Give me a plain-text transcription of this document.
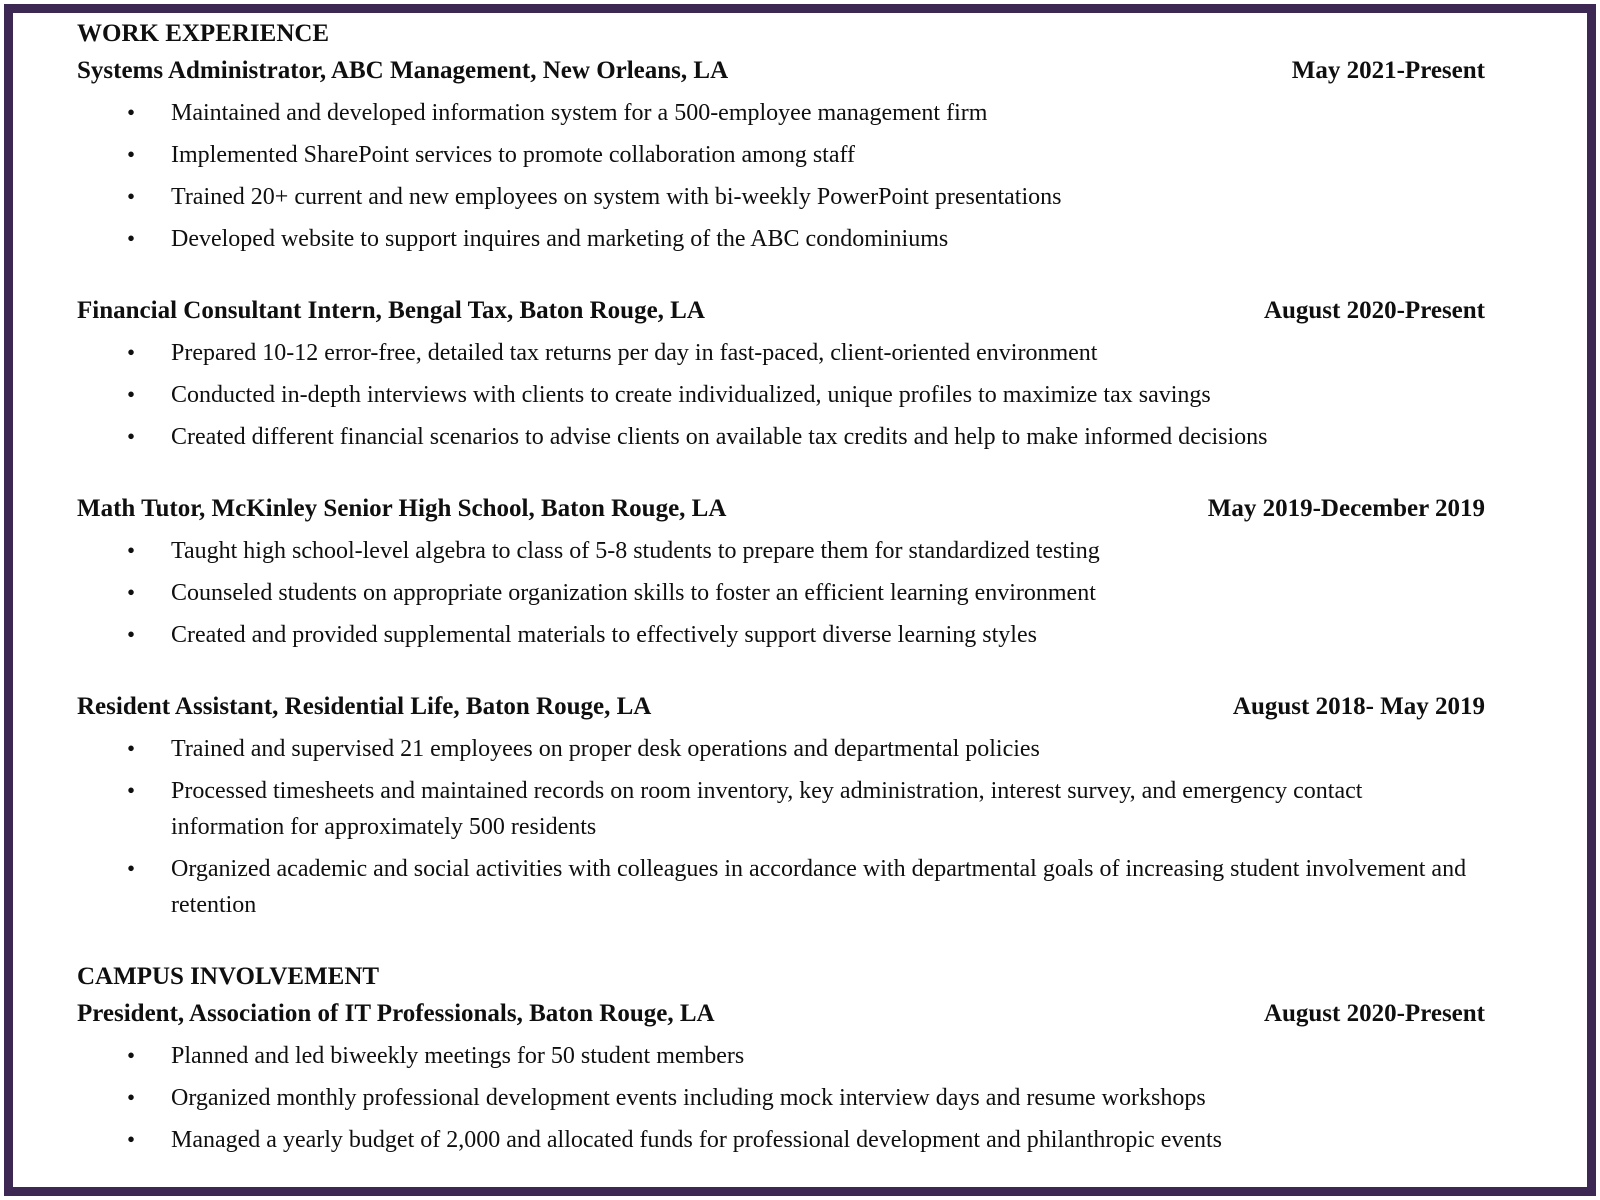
WORK EXPERIENCE
Systems Administrator, ABC Management, New Orleans, LA	May 2021-Present
•	Maintained and developed information system for a 500-employee management firm
•	Implemented SharePoint services to promote collaboration among staff
•	Trained 20+ current and new employees on system with bi-weekly PowerPoint presentations
•	Developed website to support inquires and marketing of the ABC condominiums
Financial Consultant Intern, Bengal Tax, Baton Rouge, LA	August 2020-Present
•	Prepared 10-12 error-free, detailed tax returns per day in fast-paced, client-oriented environment
•	Conducted in-depth interviews with clients to create individualized, unique profiles to maximize tax savings
•	Created different financial scenarios to advise clients on available tax credits and help to make informed decisions
Math Tutor, McKinley Senior High School, Baton Rouge, LA	May 2019-December 2019
•	Taught high school-level algebra to class of 5-8 students to prepare them for standardized testing
•	Counseled students on appropriate organization skills to foster an efficient learning environment
•	Created and provided supplemental materials to effectively support diverse learning styles
Resident Assistant, Residential Life, Baton Rouge, LA	August 2018- May 2019
•	Trained and supervised 21 employees on proper desk operations and departmental policies
•	Processed timesheets and maintained records on room inventory, key administration, interest survey, and emergency contact information for approximately 500 residents
•	Organized academic and social activities with colleagues in accordance with departmental goals of increasing student involvement and retention
CAMPUS INVOLVEMENT
President, Association of IT Professionals, Baton Rouge, LA	August 2020-Present
•	Planned and led biweekly meetings for 50 student members
•	Organized monthly professional development events including mock interview days and resume workshops
•	Managed a yearly budget of 2,000 and allocated funds for professional development and philanthropic events
